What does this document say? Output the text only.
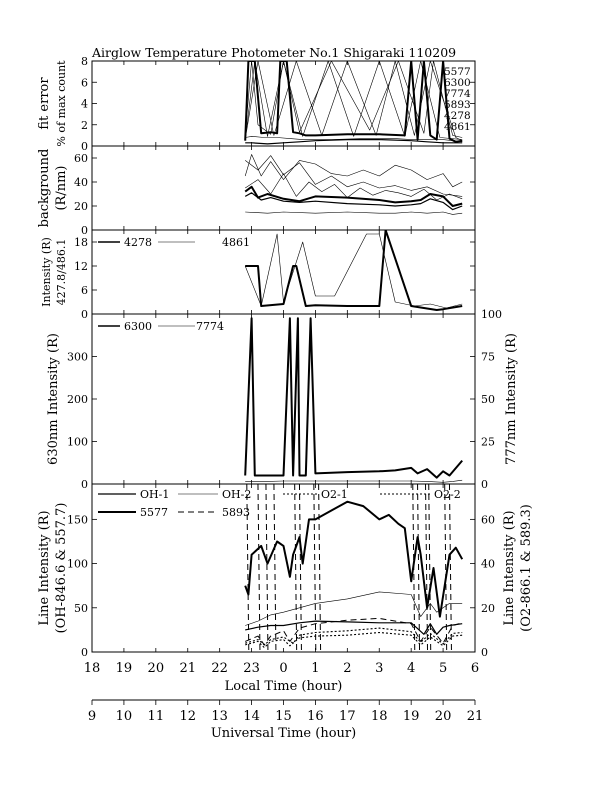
Airglow Temperature Photometer No.1 Shigaraki 110209
0
2
4
6
8
fit error % of max count	5577
6300
7774
5893
4278
4861
0
20
40
60
background (R/nm)
0
6
12
18
Intensity (R) 427.8/486.1	4278	4861
0
100
200
300
0
25
50
75
100
630nm Intensity (R)	777nm Intensity (R)
6300	7774
0
50
100
150
0
20
40
60
Line Intensity (R) (OH-846.6 & 557.7)	Line Intensity (R) (O2-866.1 & 589.3)
OH-1	OH-2	O2-1	O2-2
5577	5893
18 19 20 21 22 23 0 1 2 3 4 5 6
Local Time (hour)
9 10 11 12 13 14 15 16 17 18 19 20 21
Universal Time (hour)
